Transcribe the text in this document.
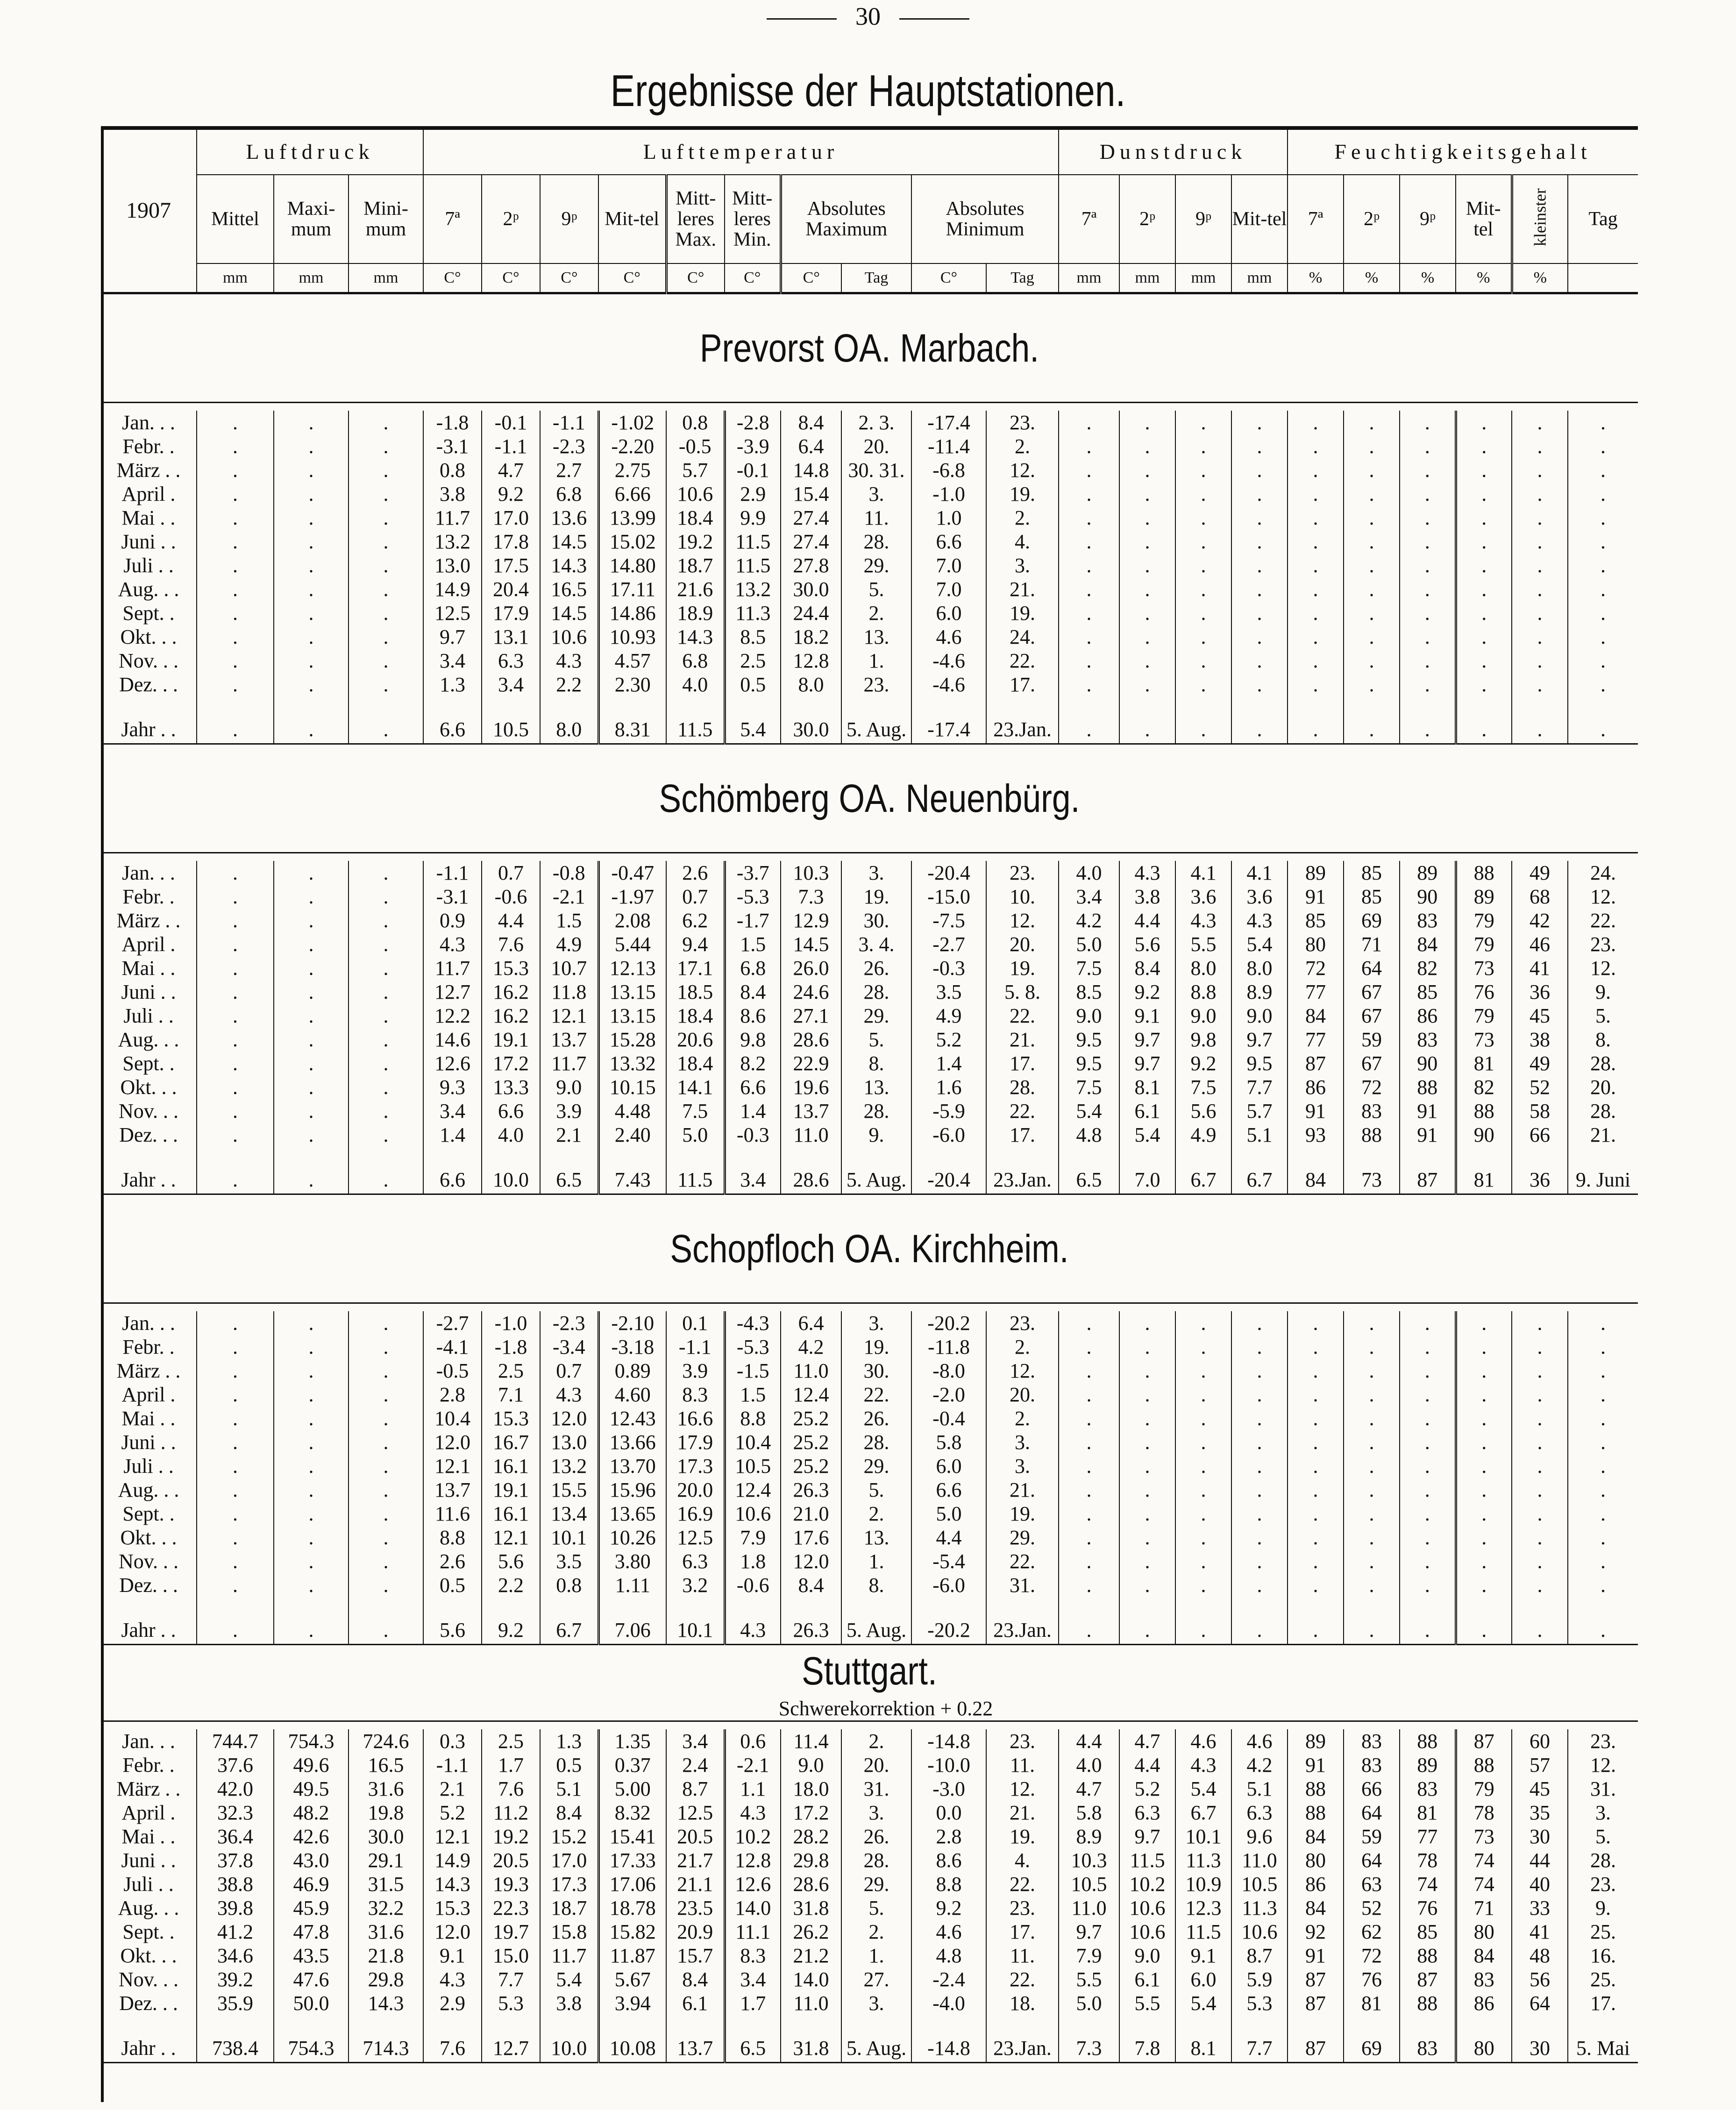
30
Ergebnisse der Hauptstationen.

1907	Luftdruck			Lufttemperatur										Dunstdruck				Feuchtigkeitsgehalt					
	Mittel	Maxi-mum	Mini-mum	7ª	2ᵖ	9ᵖ	Mit-tel	Mitt-leres Max.	Mitt-leres Min.	Absolutes Maximum		Absolutes Minimum		7ª	2ᵖ	9ᵖ	Mit-tel	7ª	2ᵖ	9ᵖ	Mit-tel	kleinster	Tag
	mm	mm	mm	C°	C°	C°	C°	C°	C°	C°	Tag	C°	Tag	mm	mm	mm	mm	%	%	%	%	%	

Prevorst OA. Marbach.																							

Jan. . .	.	.	.	-1.8	-0.1	-1.1	-1.02	0.8	-2.8	8.4	2. 3.	-17.4	23.	.	.	.	.	.	.	.	.	.	.
Febr. .	.	.	.	-3.1	-1.1	-2.3	-2.20	-0.5	-3.9	6.4	20.	-11.4	2.	.	.	.	.	.	.	.	.	.	.
März . .	.	.	.	0.8	4.7	2.7	2.75	5.7	-0.1	14.8	30. 31.	-6.8	12.	.	.	.	.	.	.	.	.	.	.
April .	.	.	.	3.8	9.2	6.8	6.66	10.6	2.9	15.4	3.	-1.0	19.	.	.	.	.	.	.	.	.	.	.
Mai . .	.	.	.	11.7	17.0	13.6	13.99	18.4	9.9	27.4	11.	1.0	2.	.	.	.	.	.	.	.	.	.	.
Juni . .	.	.	.	13.2	17.8	14.5	15.02	19.2	11.5	27.4	28.	6.6	4.	.	.	.	.	.	.	.	.	.	.
Juli . .	.	.	.	13.0	17.5	14.3	14.80	18.7	11.5	27.8	29.	7.0	3.	.	.	.	.	.	.	.	.	.	.
Aug. . .	.	.	.	14.9	20.4	16.5	17.11	21.6	13.2	30.0	5.	7.0	21.	.	.	.	.	.	.	.	.	.	.
Sept. .	.	.	.	12.5	17.9	14.5	14.86	18.9	11.3	24.4	2.	6.0	19.	.	.	.	.	.	.	.	.	.	.
Okt. . .	.	.	.	9.7	13.1	10.6	10.93	14.3	8.5	18.2	13.	4.6	24.	.	.	.	.	.	.	.	.	.	.
Nov. . .	.	.	.	3.4	6.3	4.3	4.57	6.8	2.5	12.8	1.	-4.6	22.	.	.	.	.	.	.	.	.	.	.
Dez. . .	.	.	.	1.3	3.4	2.2	2.30	4.0	0.5	8.0	23.	-4.6	17.	.	.	.	.	.	.	.	.	.	.

Jahr . .	.	.	.	6.6	10.5	8.0	8.31	11.5	5.4	30.0	5. Aug.	-17.4	23.Jan.	.	.	.	.	.	.	.	.	.	.
Schömberg OA. Neuenbürg.																							

Jan. . .	.	.	.	-1.1	0.7	-0.8	-0.47	2.6	-3.7	10.3	3.	-20.4	23.	4.0	4.3	4.1	4.1	89	85	89	88	49	24.
Febr. .	.	.	.	-3.1	-0.6	-2.1	-1.97	0.7	-5.3	7.3	19.	-15.0	10.	3.4	3.8	3.6	3.6	91	85	90	89	68	12.
März . .	.	.	.	0.9	4.4	1.5	2.08	6.2	-1.7	12.9	30.	-7.5	12.	4.2	4.4	4.3	4.3	85	69	83	79	42	22.
April .	.	.	.	4.3	7.6	4.9	5.44	9.4	1.5	14.5	3. 4.	-2.7	20.	5.0	5.6	5.5	5.4	80	71	84	79	46	23.
Mai . .	.	.	.	11.7	15.3	10.7	12.13	17.1	6.8	26.0	26.	-0.3	19.	7.5	8.4	8.0	8.0	72	64	82	73	41	12.
Juni . .	.	.	.	12.7	16.2	11.8	13.15	18.5	8.4	24.6	28.	3.5	5. 8.	8.5	9.2	8.8	8.9	77	67	85	76	36	9.
Juli . .	.	.	.	12.2	16.2	12.1	13.15	18.4	8.6	27.1	29.	4.9	22.	9.0	9.1	9.0	9.0	84	67	86	79	45	5.
Aug. . .	.	.	.	14.6	19.1	13.7	15.28	20.6	9.8	28.6	5.	5.2	21.	9.5	9.7	9.8	9.7	77	59	83	73	38	8.
Sept. .	.	.	.	12.6	17.2	11.7	13.32	18.4	8.2	22.9	8.	1.4	17.	9.5	9.7	9.2	9.5	87	67	90	81	49	28.
Okt. . .	.	.	.	9.3	13.3	9.0	10.15	14.1	6.6	19.6	13.	1.6	28.	7.5	8.1	7.5	7.7	86	72	88	82	52	20.
Nov. . .	.	.	.	3.4	6.6	3.9	4.48	7.5	1.4	13.7	28.	-5.9	22.	5.4	6.1	5.6	5.7	91	83	91	88	58	28.
Dez. . .	.	.	.	1.4	4.0	2.1	2.40	5.0	-0.3	11.0	9.	-6.0	17.	4.8	5.4	4.9	5.1	93	88	91	90	66	21.

Jahr . .	.	.	.	6.6	10.0	6.5	7.43	11.5	3.4	28.6	5. Aug.	-20.4	23.Jan.	6.5	7.0	6.7	6.7	84	73	87	81	36	9. Juni
Schopfloch OA. Kirchheim.																							

Jan. . .	.	.	.	-2.7	-1.0	-2.3	-2.10	0.1	-4.3	6.4	3.	-20.2	23.	.	.	.	.	.	.	.	.	.	.
Febr. .	.	.	.	-4.1	-1.8	-3.4	-3.18	-1.1	-5.3	4.2	19.	-11.8	2.	.	.	.	.	.	.	.	.	.	.
März . .	.	.	.	-0.5	2.5	0.7	0.89	3.9	-1.5	11.0	30.	-8.0	12.	.	.	.	.	.	.	.	.	.	.
April .	.	.	.	2.8	7.1	4.3	4.60	8.3	1.5	12.4	22.	-2.0	20.	.	.	.	.	.	.	.	.	.	.
Mai . .	.	.	.	10.4	15.3	12.0	12.43	16.6	8.8	25.2	26.	-0.4	2.	.	.	.	.	.	.	.	.	.	.
Juni . .	.	.	.	12.0	16.7	13.0	13.66	17.9	10.4	25.2	28.	5.8	3.	.	.	.	.	.	.	.	.	.	.
Juli . .	.	.	.	12.1	16.1	13.2	13.70	17.3	10.5	25.2	29.	6.0	3.	.	.	.	.	.	.	.	.	.	.
Aug. . .	.	.	.	13.7	19.1	15.5	15.96	20.0	12.4	26.3	5.	6.6	21.	.	.	.	.	.	.	.	.	.	.
Sept. .	.	.	.	11.6	16.1	13.4	13.65	16.9	10.6	21.0	2.	5.0	19.	.	.	.	.	.	.	.	.	.	.
Okt. . .	.	.	.	8.8	12.1	10.1	10.26	12.5	7.9	17.6	13.	4.4	29.	.	.	.	.	.	.	.	.	.	.
Nov. . .	.	.	.	2.6	5.6	3.5	3.80	6.3	1.8	12.0	1.	-5.4	22.	.	.	.	.	.	.	.	.	.	.
Dez. . .	.	.	.	0.5	2.2	0.8	1.11	3.2	-0.6	8.4	8.	-6.0	31.	.	.	.	.	.	.	.	.	.	.

Jahr . .	.	.	.	5.6	9.2	6.7	7.06	10.1	4.3	26.3	5. Aug.	-20.2	23.Jan.	.	.	.	.	.	.	.	.	.	.
Stuttgart.																							
Schwerekorrektion + 0.22																							

Jan. . .	744.7	754.3	724.6	0.3	2.5	1.3	1.35	3.4	0.6	11.4	2.	-14.8	23.	4.4	4.7	4.6	4.6	89	83	88	87	60	23.
Febr. .	37.6	49.6	16.5	-1.1	1.7	0.5	0.37	2.4	-2.1	9.0	20.	-10.0	11.	4.0	4.4	4.3	4.2	91	83	89	88	57	12.
März . .	42.0	49.5	31.6	2.1	7.6	5.1	5.00	8.7	1.1	18.0	31.	-3.0	12.	4.7	5.2	5.4	5.1	88	66	83	79	45	31.
April .	32.3	48.2	19.8	5.2	11.2	8.4	8.32	12.5	4.3	17.2	3.	0.0	21.	5.8	6.3	6.7	6.3	88	64	81	78	35	3.
Mai . .	36.4	42.6	30.0	12.1	19.2	15.2	15.41	20.5	10.2	28.2	26.	2.8	19.	8.9	9.7	10.1	9.6	84	59	77	73	30	5.
Juni . .	37.8	43.0	29.1	14.9	20.5	17.0	17.33	21.7	12.8	29.8	28.	8.6	4.	10.3	11.5	11.3	11.0	80	64	78	74	44	28.
Juli . .	38.8	46.9	31.5	14.3	19.3	17.3	17.06	21.1	12.6	28.6	29.	8.8	22.	10.5	10.2	10.9	10.5	86	63	74	74	40	23.
Aug. . .	39.8	45.9	32.2	15.3	22.3	18.7	18.78	23.5	14.0	31.8	5.	9.2	23.	11.0	10.6	12.3	11.3	84	52	76	71	33	9.
Sept. .	41.2	47.8	31.6	12.0	19.7	15.8	15.82	20.9	11.1	26.2	2.	4.6	17.	9.7	10.6	11.5	10.6	92	62	85	80	41	25.
Okt. . .	34.6	43.5	21.8	9.1	15.0	11.7	11.87	15.7	8.3	21.2	1.	4.8	11.	7.9	9.0	9.1	8.7	91	72	88	84	48	16.
Nov. . .	39.2	47.6	29.8	4.3	7.7	5.4	5.67	8.4	3.4	14.0	27.	-2.4	22.	5.5	6.1	6.0	5.9	87	76	87	83	56	25.
Dez. . .	35.9	50.0	14.3	2.9	5.3	3.8	3.94	6.1	1.7	11.0	3.	-4.0	18.	5.0	5.5	5.4	5.3	87	81	88	86	64	17.

Jahr . .	738.4	754.3	714.3	7.6	12.7	10.0	10.08	13.7	6.5	31.8	5. Aug.	-14.8	23.Jan.	7.3	7.8	8.1	7.7	87	69	83	80	30	5. Mai
